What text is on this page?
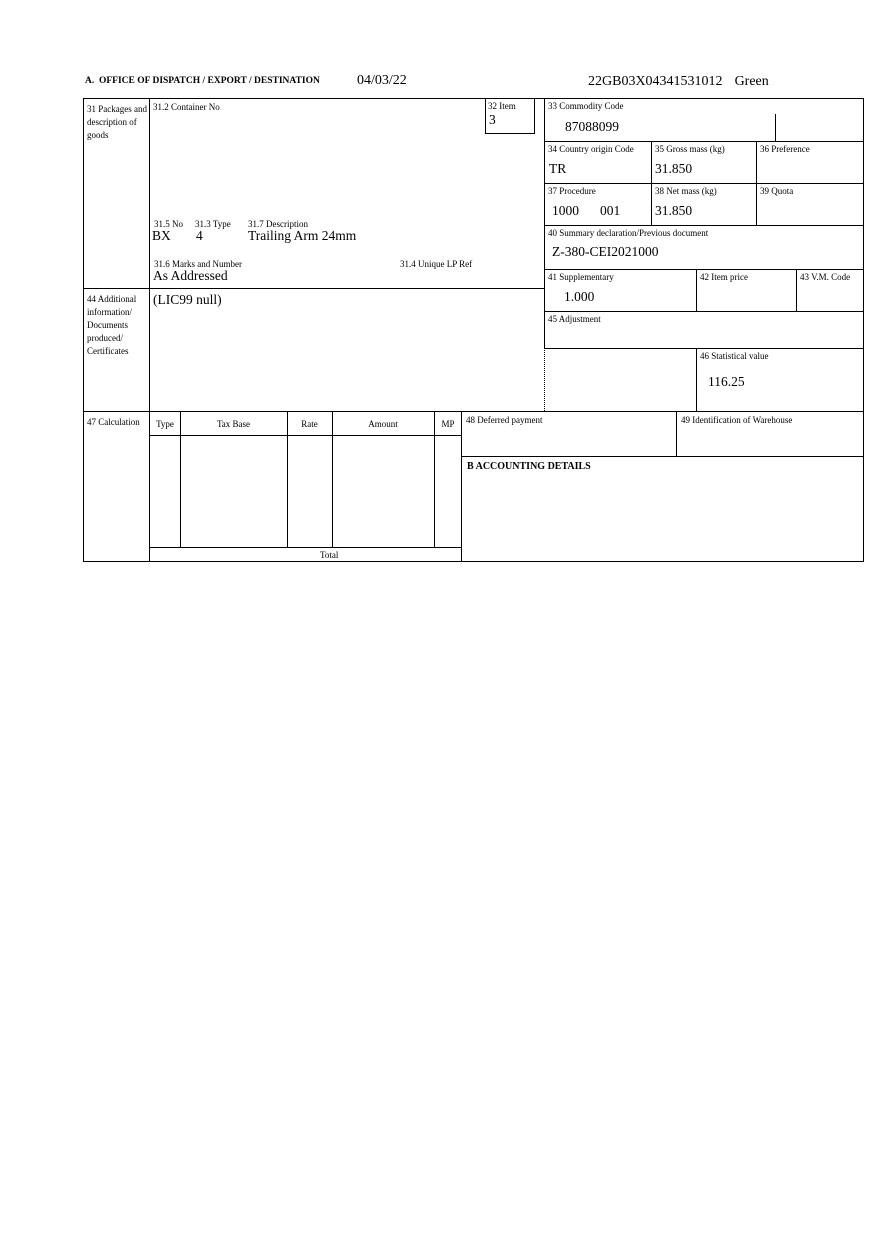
A.  OFFICE OF DISPATCH / EXPORT / DESTINATION	04/03/22	22GB03X04341531012 Green
31 Packages and description of goods
44 Additional information/ Documents produced/ Certificates
47 Calculation
31.2 Container No	32 Item
3
31.5 No 31.3 Type 31.7 Description
BX 4	Trailing Arm 24mm
31.6 Marks and Number	31.4 Unique LP Ref
As Addressed
(LIC99 null)
33 Commodity Code
87088099
34 Country origin Code
TR
35 Gross mass (kg)
31.850
36 Preference
37 Procedure
1000 001
38 Net mass (kg)
31.850
39 Quota
40 Summary declaration/Previous document
Z-380-CEI2021000
41 Supplementary
1.000
42 Item price	43 V.M. Code
45 Adjustment
46 Statistical value
116.25
Type	Tax Base	Rate	Amount	MP
Total
48 Deferred payment	49 Identification of Warehouse
B ACCOUNTING DETAILS
